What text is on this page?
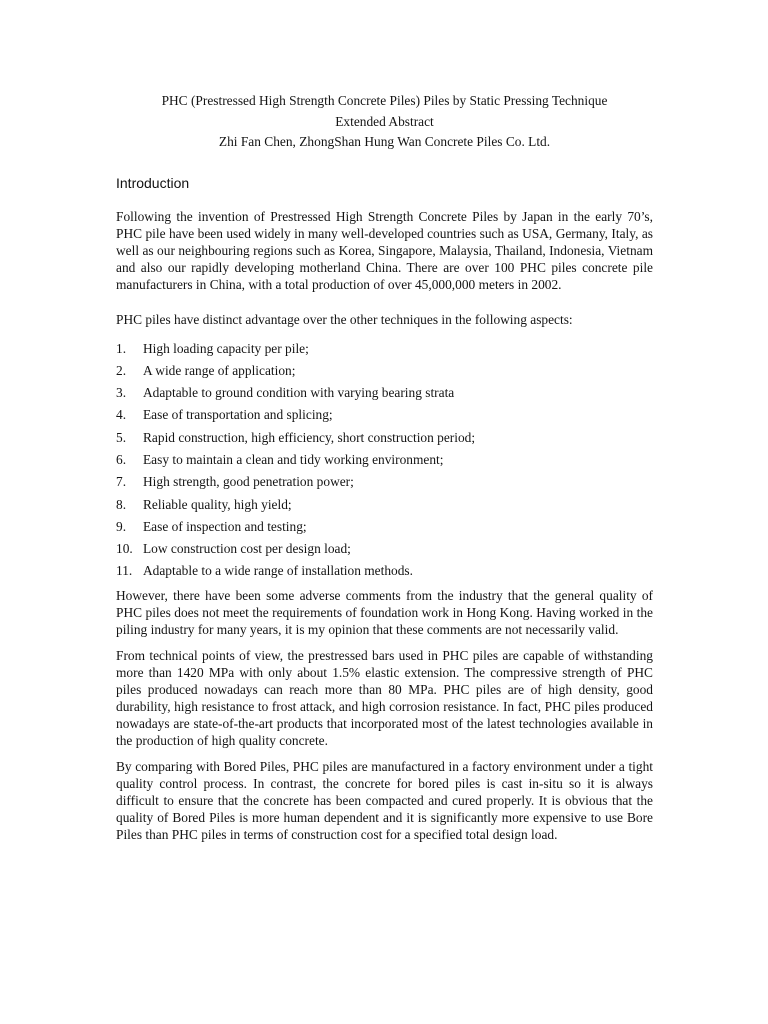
PHC (Prestressed High Strength Concrete Piles) Piles by Static Pressing Technique
Extended Abstract
Zhi Fan Chen, ZhongShan Hung Wan Concrete Piles Co. Ltd.
Introduction

Following the invention of Prestressed High Strength Concrete Piles by Japan in the early 70’s, PHC pile have been used widely in many well-developed countries such as USA, Germany, Italy, as well as our neighbouring regions such as Korea, Singapore, Malaysia, Thailand, Indonesia, Vietnam and also our rapidly developing motherland China. There are over 100 PHC piles concrete pile manufacturers in China, with a total production of over 45,000,000 meters in 2002.

PHC piles have distinct advantage over the other techniques in the following aspects:

1.	High loading capacity per pile;
2.	A wide range of application;
3.	Adaptable to ground condition with varying bearing strata
4.	Ease of transportation and splicing;
5.	Rapid construction, high efficiency, short construction period;
6.	Easy to maintain a clean and tidy working environment;
7.	High strength, good penetration power;
8.	Reliable quality, high yield;
9.	Ease of inspection and testing;
10. Low construction cost per design load;
11. Adaptable to a wide range of installation methods.

However, there have been some adverse comments from the industry that the general quality of PHC piles does not meet the requirements of foundation work in Hong Kong. Having worked in the piling industry for many years, it is my opinion that these comments are not necessarily valid.

From technical points of view, the prestressed bars used in PHC piles are capable of withstanding more than 1420 MPa with only about 1.5% elastic extension. The compressive strength of PHC piles produced nowadays can reach more than 80 MPa. PHC piles are of high density, good durability, high resistance to frost attack, and high corrosion resistance. In fact, PHC piles produced nowadays are state-of-the-art products that incorporated most of the latest technologies available in the production of high quality concrete.

By comparing with Bored Piles, PHC piles are manufactured in a factory environment under a tight quality control process. In contrast, the concrete for bored piles is cast in-situ so it is always difficult to ensure that the concrete has been compacted and cured properly. It is obvious that the quality of Bored Piles is more human dependent and it is significantly more expensive to use Bore Piles than PHC piles in terms of construction cost for a specified total design load.
